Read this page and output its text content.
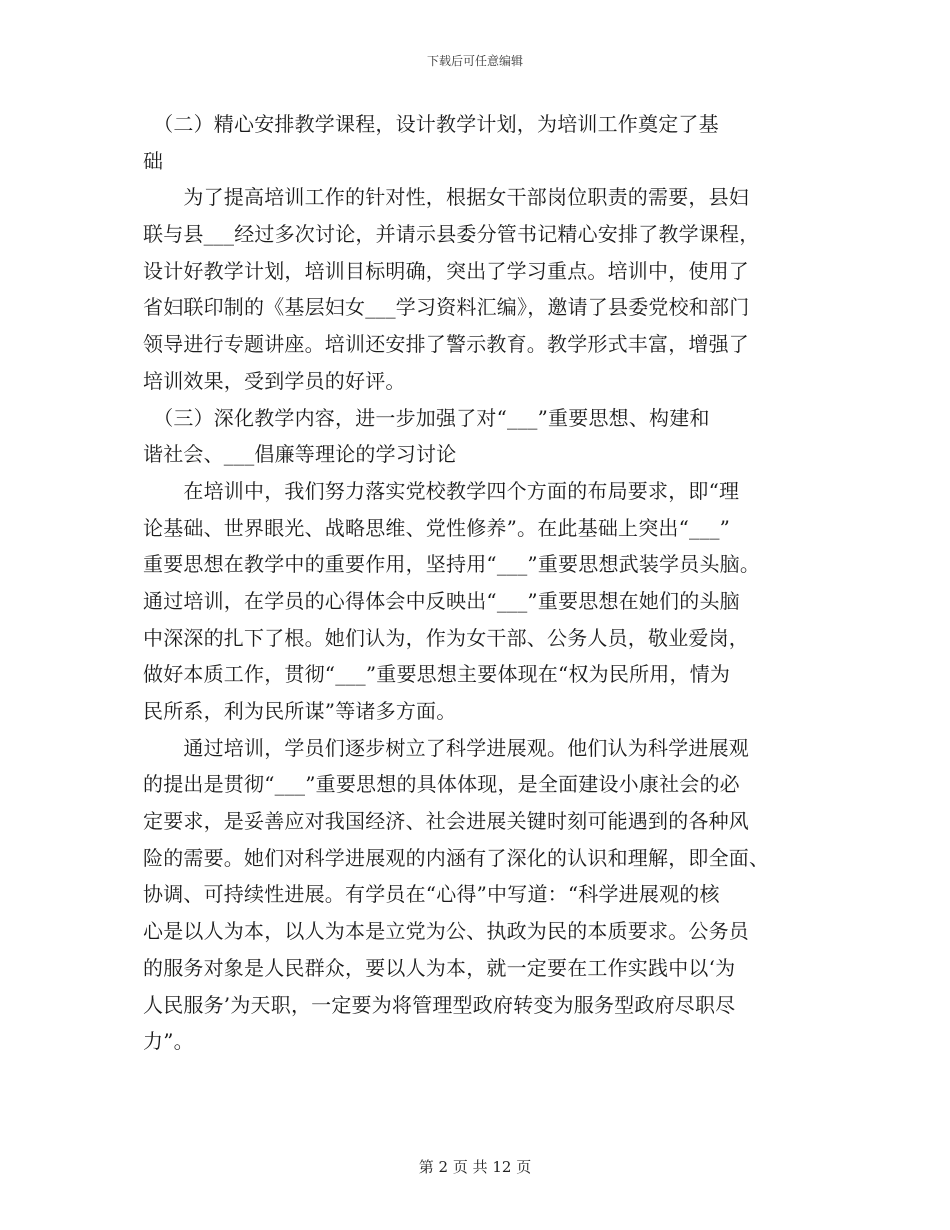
下载后可任意编辑
　（二）精心安排教学课程，设计教学计划，为培训工作奠定了基
础
　　为了提高培训工作的针对性，根据女干部岗位职责的需要，县妇
联与县___经过多次讨论，并请示县委分管书记精心安排了教学课程，
设计好教学计划，培训目标明确，突出了学习重点。培训中，使用了
省妇联印制的《基层妇女___学习资料汇编》，邀请了县委党校和部门
领导进行专题讲座。培训还安排了警示教育。教学形式丰富，增强了
培训效果，受到学员的好评。
　（三）深化教学内容，进一步加强了对“___”重要思想、构建和
谐社会、___倡廉等理论的学习讨论
　　在培训中，我们努力落实党校教学四个方面的布局要求，即“理
论基础、世界眼光、战略思维、党性修养”。在此基础上突出“___”
重要思想在教学中的重要作用，坚持用“___”重要思想武装学员头脑。
通过培训，在学员的心得体会中反映出“___”重要思想在她们的头脑
中深深的扎下了根。她们认为，作为女干部、公务人员，敬业爱岗，
做好本质工作，贯彻“___”重要思想主要体现在“权为民所用，情为
民所系，利为民所谋”等诸多方面。
　　通过培训，学员们逐步树立了科学进展观。他们认为科学进展观
的提出是贯彻“___”重要思想的具体体现，是全面建设小康社会的必
定要求，是妥善应对我国经济、社会进展关键时刻可能遇到的各种风
险的需要。她们对科学进展观的内涵有了深化的认识和理解，即全面、
协调、可持续性进展。有学员在“心得”中写道：“科学进展观的核
心是以人为本，以人为本是立党为公、执政为民的本质要求。公务员
的服务对象是人民群众，要以人为本，就一定要在工作实践中以‘为
人民服务’为天职，一定要为将管理型政府转变为服务型政府尽职尽
力”。
第 2 页 共 12 页
